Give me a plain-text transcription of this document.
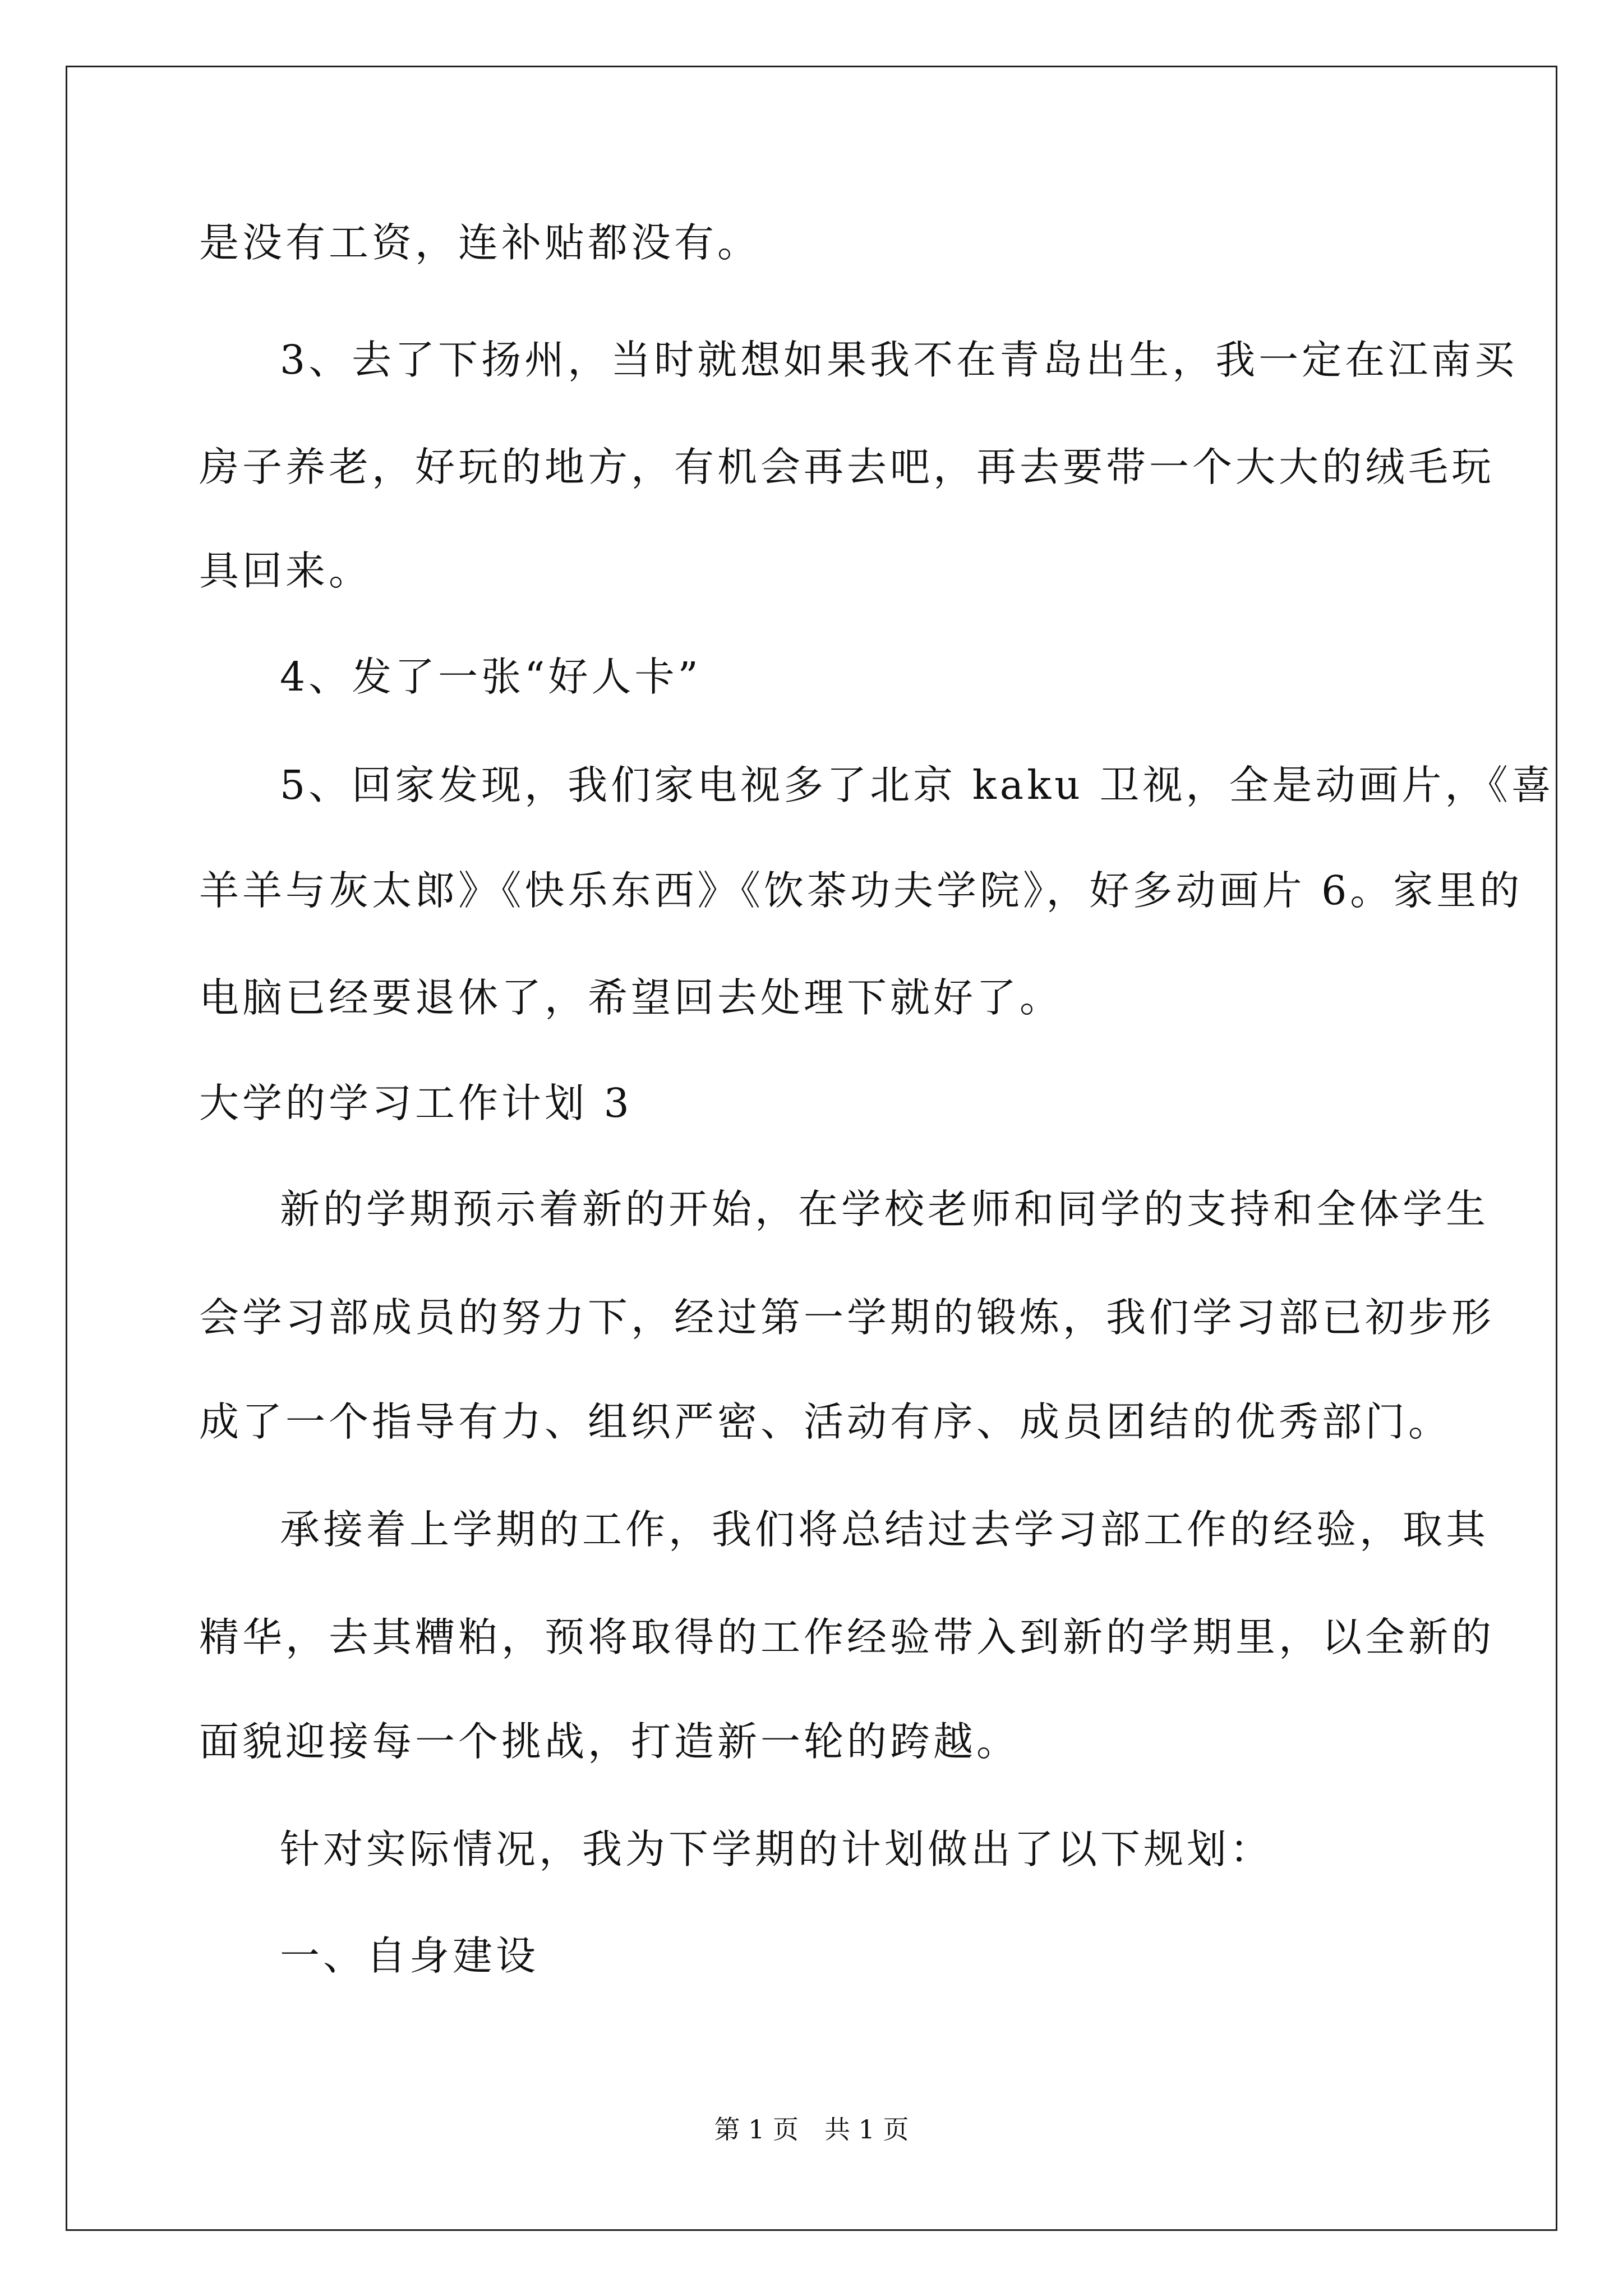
是没有工资，连补贴都没有。
3、去了下扬州，当时就想如果我不在青岛出生，我一定在江南买
房子养老，好玩的地方，有机会再去吧，再去要带一个大大的绒毛玩
具回来。
4、发了一张“好人卡”
5、回家发现，我们家电视多了北京 kaku 卫视，全是动画片，《喜
羊羊与灰太郎》《快乐东西》《饮茶功夫学院》，好多动画片 6。家里的
电脑已经要退休了，希望回去处理下就好了。
大学的学习工作计划 3
新的学期预示着新的开始，在学校老师和同学的支持和全体学生
会学习部成员的努力下，经过第一学期的锻炼，我们学习部已初步形
成了一个指导有力、组织严密、活动有序、成员团结的优秀部门。
承接着上学期的工作，我们将总结过去学习部工作的经验，取其
精华，去其糟粕，预将取得的工作经验带入到新的学期里，以全新的
面貌迎接每一个挑战，打造新一轮的跨越。
针对实际情况，我为下学期的计划做出了以下规划：
一、自身建设
第 1 页　共 1 页
